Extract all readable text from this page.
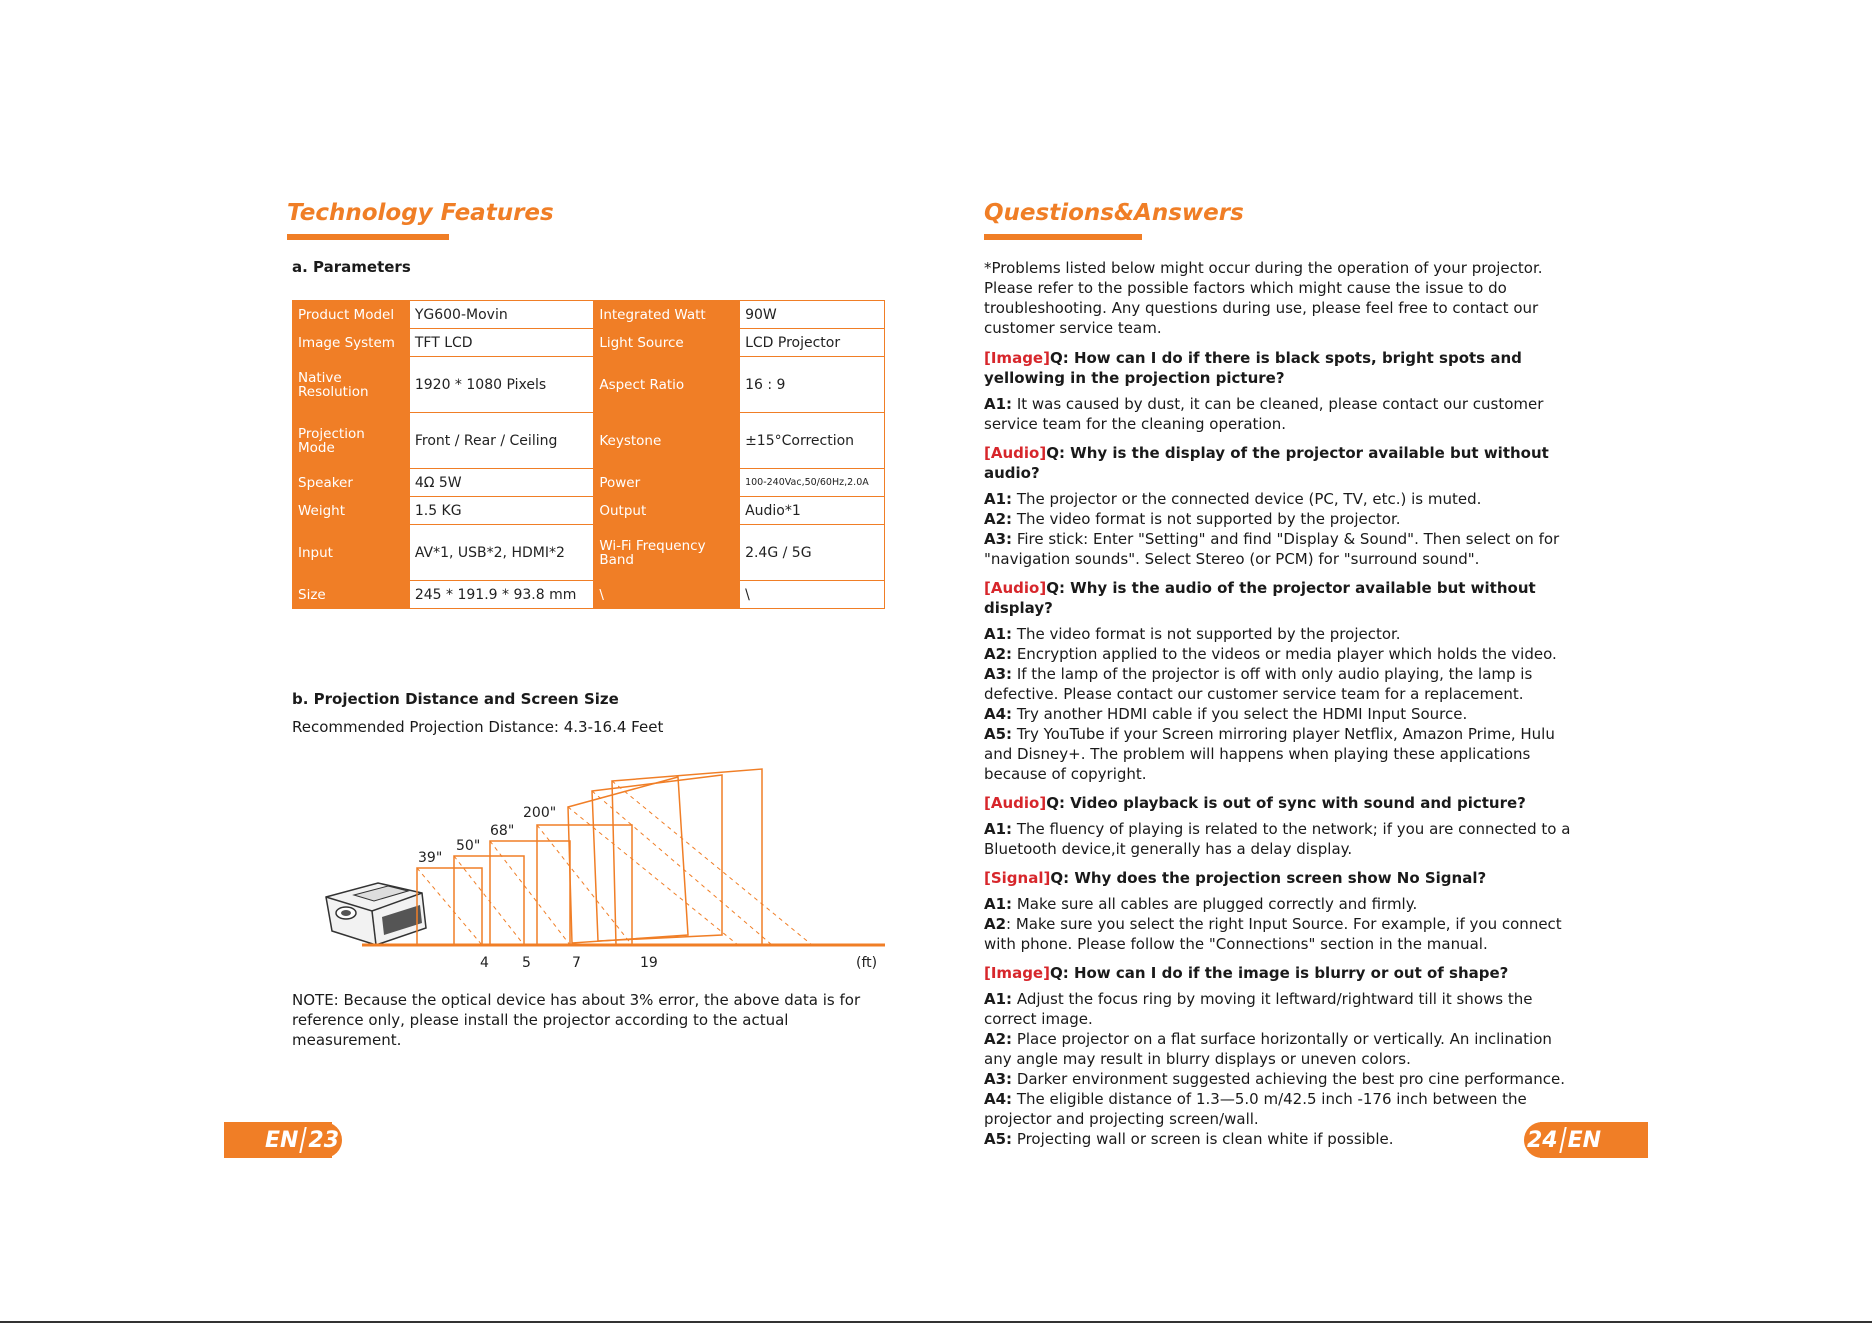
Technology Features
a. Parameters
Product Model	YG600-Movin	Integrated Watt	90W
Image System	TFT LCD	Light Source	LCD Projector
Native Resolution	1920 * 1080 Pixels	Aspect Ratio	16 : 9
Projection Mode	Front / Rear / Ceiling	Keystone	±15°Correction
Speaker	4Ω 5W	Power	100-240Vac,50/60Hz,2.0A
Weight	1.5 KG	Output	Audio*1
Input	AV*1, USB*2, HDMI*2	Wi-Fi Frequency Band	2.4G / 5G
Size	245 * 191.9 * 93.8 mm	\	\
b. Projection Distance and Screen Size
Recommended Projection Distance: 4.3-16.4 Feet
39"
50"
68"
200"
4 5	7	19	(ft)
NOTE: Because the optical device has about 3% error, the above data is for reference only, please install the projector according to the actual measurement.
EN 23
Questions&Answers

*Problems listed below might occur during the operation of your projector. Please refer to the possible factors which might cause the issue to do troubleshooting. Any questions during use, please feel free to contact our customer service team.

[Image]Q: How can I do if there is black spots, bright spots and yellowing in the projection picture?

A1: It was caused by dust, it can be cleaned, please contact our customer service team for the cleaning operation.

[Audio]Q: Why is the display of the projector available but without audio?

A1: The projector or the connected device (PC, TV, etc.) is muted.

A2: The video format is not supported by the projector.

A3: Fire stick: Enter "Setting" and find "Display & Sound". Then select on for "navigation sounds". Select Stereo (or PCM) for "surround sound".

[Audio]Q: Why is the audio of the projector available but without display?

A1: The video format is not supported by the projector.

A2: Encryption applied to the videos or media player which holds the video.

A3: If the lamp of the projector is off with only audio playing, the lamp is defective. Please contact our customer service team for a replacement.

A4: Try another HDMI cable if you select the HDMI Input Source.

A5: Try YouTube if your Screen mirroring player Netflix, Amazon Prime, Hulu and Disney+. The problem will happens when playing these applications because of copyright.

[Audio]Q: Video playback is out of sync with sound and picture?

A1: The fluency of playing is related to the network; if you are connected to a Bluetooth device,it generally has a delay display.

[Signal]Q: Why does the projection screen show No Signal?

A1: Make sure all cables are plugged correctly and firmly.

A2: Make sure you select the right Input Source. For example, if you connect with phone. Please follow the "Connections" section in the manual.

[Image]Q: How can I do if the image is blurry or out of shape?

A1: Adjust the focus ring by moving it leftward/rightward till it shows the correct image.

A2: Place projector on a flat surface horizontally or vertically. An inclination any angle may result in blurry displays or uneven colors.

A3: Darker environment suggested achieving the best pro cine performance.

A4: The eligible distance of 1.3—5.0 m/42.5 inch -176 inch between the projector and projecting screen/wall.

A5: Projecting wall or screen is clean white if possible.	24 EN
